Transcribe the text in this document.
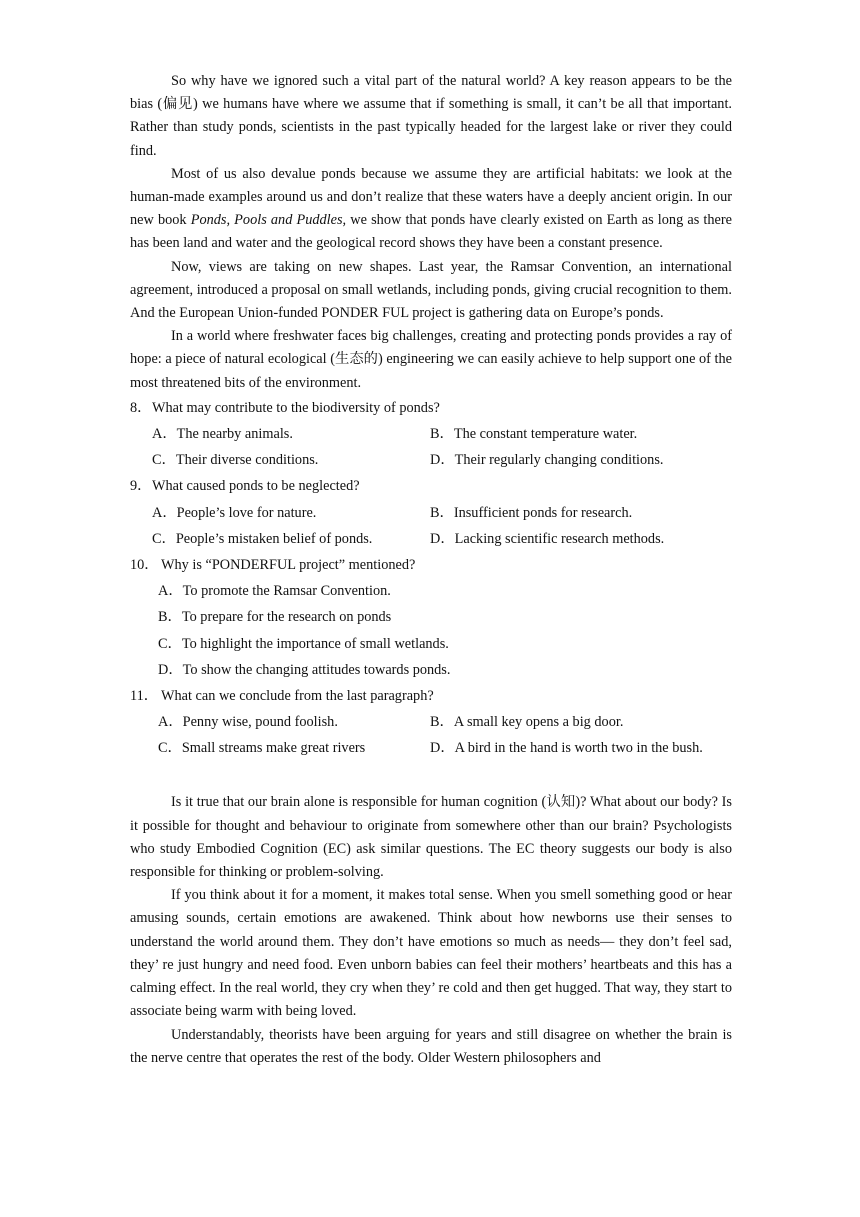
So why have we ignored such a vital part of the natural world? A key reason appears to be the bias (偏见) we humans have where we assume that if something is small, it can’t be all that important. Rather than study ponds, scientists in the past typically headed for the largest lake or river they could find.

Most of us also devalue ponds because we assume they are artificial habitats: we look at the human-made examples around us and don’t realize that these waters have a deeply ancient origin. In our new book Ponds, Pools and Puddles, we show that ponds have clearly existed on Earth as long as there has been land and water and the geological record shows they have been a constant presence.

Now, views are taking on new shapes. Last year, the Ramsar Convention, an international agreement, introduced a proposal on small wetlands, including ponds, giving crucial recognition to them. And the European Union-funded PONDER FUL project is gathering data on Europe’s ponds.

In a world where freshwater faces big challenges, creating and protecting ponds provides a ray of hope: a piece of natural ecological (生态的) engineering we can easily achieve to help support one of the most threatened bits of the environment.

8．What may contribute to the biodiversity of ponds?
A．The nearby animals.	B．The constant temperature water.
C．Their diverse conditions.	D．Their regularly changing conditions.
9．What caused ponds to be neglected?
A．People’s love for nature.	B．Insufficient ponds for research.
C．People’s mistaken belief of ponds.	D．Lacking scientific research methods.
10． Why is “PONDERFUL project” mentioned?
A．To promote the Ramsar Convention.
B．To prepare for the research on ponds
C．To highlight the importance of small wetlands.
D．To show the changing attitudes towards ponds.
11． What can we conclude from the last paragraph?
A．Penny wise, pound foolish.	B．A small key opens a big door.
C．Small streams make great rivers	D．A bird in the hand is worth two in the bush.

Is it true that our brain alone is responsible for human cognition (认知)? What about our body? Is it possible for thought and behaviour to originate from somewhere other than our brain? Psychologists who study Embodied Cognition (EC) ask similar questions. The EC theory suggests our body is also responsible for thinking or problem-solving.

If you think about it for a moment, it makes total sense. When you smell something good or hear amusing sounds, certain emotions are awakened. Think about how newborns use their senses to understand the world around them. They don’t have emotions so much as needs— they don’t feel sad, they’ re just hungry and need food. Even unborn babies can feel their mothers’ heartbeats and this has a calming effect. In the real world, they cry when they’ re cold and then get hugged. That way, they start to associate being warm with being loved.

Understandably, theorists have been arguing for years and still disagree on whether the brain is the nerve centre that operates the rest of the body. Older Western philosophers and
